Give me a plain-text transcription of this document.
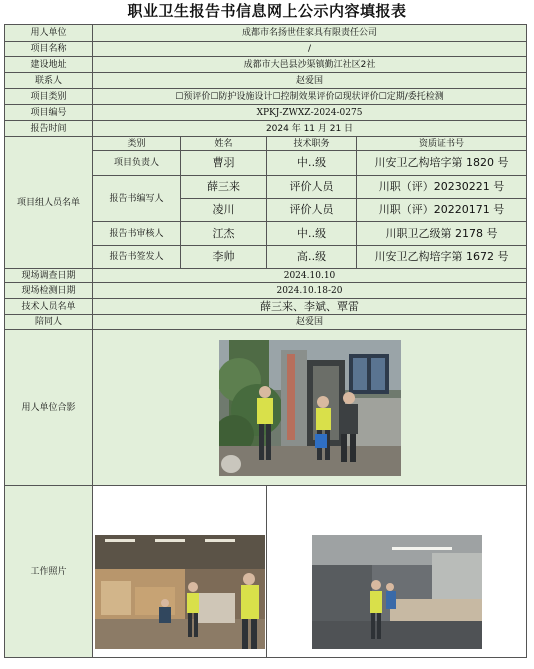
职业卫生报告书信息网上公示内容填报表
用人单位	成都市名扬世佳家具有限责任公司			
项目名称	/			
建设地址	成都市大邑县沙渠镇勤江社区2社			
联系人	赵爱国			
项目类别	☐预评价☐防护设施设计☐控制效果评价☑现状评价☐定期/委托检测			
项目编号	XPKJ-ZWXZ-2024-0275			
报告时间	2024 年 11 月 21 日			
项目组人员名单	类别	姓名	技术职务	资质证书号
	项目负责人	曹羽	中‥级	川安卫乙构培字第 1820 号
	报告书编写人	薛三来	评价人员	川职（评）20230221 号
		凌川	评价人员	川职（评）20220171 号
	报告书审核人	江杰	中‥级	川职卫乙级第 2178 号
	报告书签发人	李帅	高‥级	川安卫乙构培字第 1672 号
现场调查日期	2024.10.10			
现场检测日期	2024.10.18-20			
技术人员名单	薛三来、李斌、覃雷			
陪同人	赵爱国			
用人单位合影	

工作照片	
